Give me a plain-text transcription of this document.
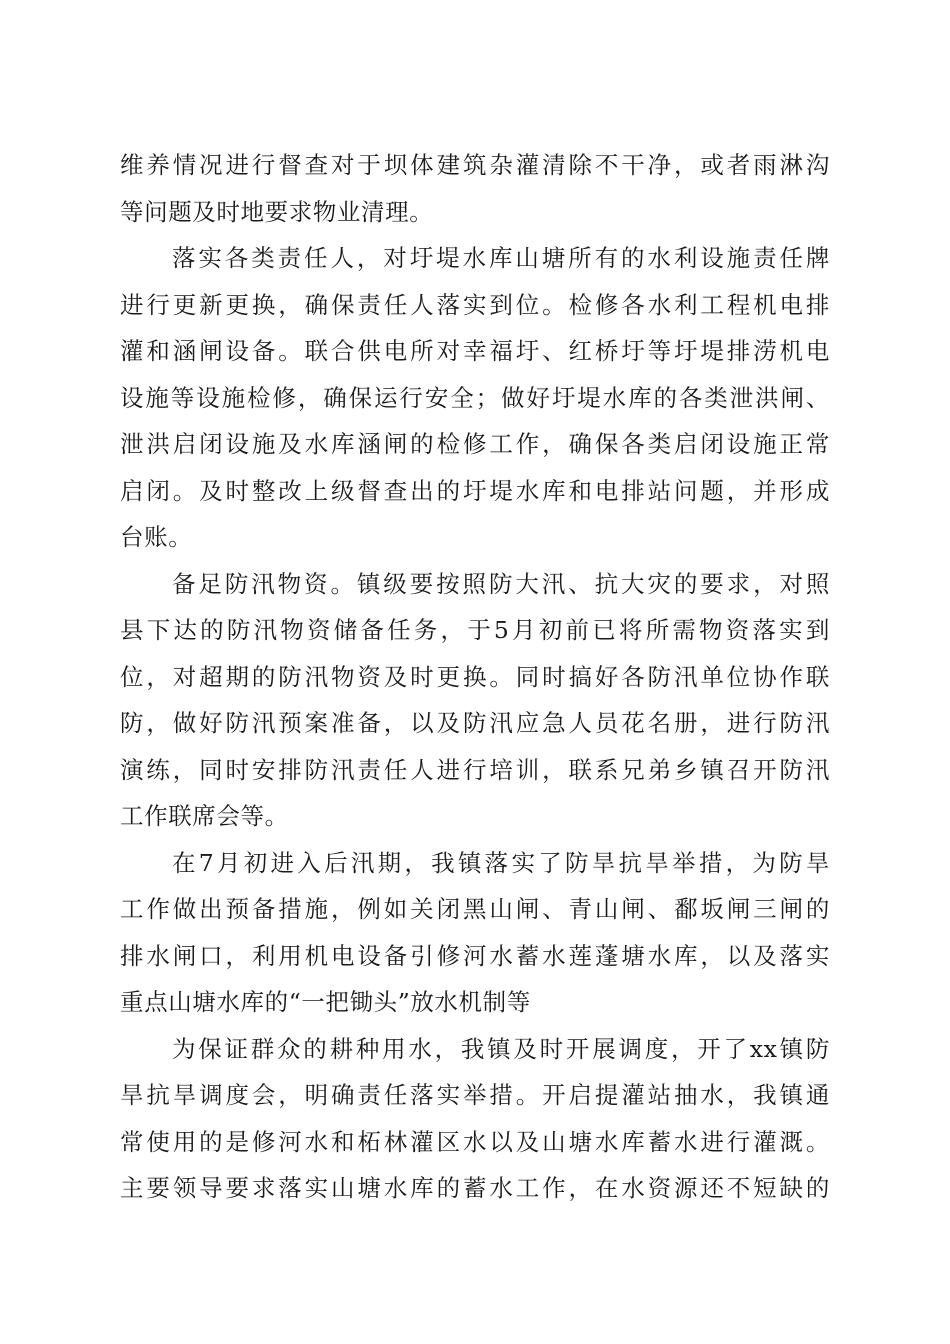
维养情况进行督查对于坝体建筑杂灌清除不干净，或者雨淋沟
等问题及时地要求物业清理。
落实各类责任人，对圩堤水库山塘所有的水利设施责任牌
进行更新更换，确保责任人落实到位。检修各水利工程机电排
灌和涵闸设备。联合供电所对幸福圩、红桥圩等圩堤排涝机电
设施等设施检修，确保运行安全；做好圩堤水库的各类泄洪闸、
泄洪启闭设施及水库涵闸的检修工作，确保各类启闭设施正常
启闭。及时整改上级督查出的圩堤水库和电排站问题，并形成
台账。
备足防汛物资。镇级要按照防大汛、抗大灾的要求，对照
县下达的防汛物资储备任务，于5月初前已将所需物资落实到
位，对超期的防汛物资及时更换。同时搞好各防汛单位协作联
防，做好防汛预案准备，以及防汛应急人员花名册，进行防汛
演练，同时安排防汛责任人进行培训，联系兄弟乡镇召开防汛
工作联席会等。
在7月初进入后汛期，我镇落实了防旱抗旱举措，为防旱
工作做出预备措施，例如关闭黑山闸、青山闸、鄱坂闸三闸的
排水闸口，利用机电设备引修河水蓄水莲蓬塘水库，以及落实
重点山塘水库的“一把锄头”放水机制等
为保证群众的耕种用水，我镇及时开展调度，开了xx镇防
旱抗旱调度会，明确责任落实举措。开启提灌站抽水，我镇通
常使用的是修河水和柘林灌区水以及山塘水库蓄水进行灌溉。
主要领导要求落实山塘水库的蓄水工作，在水资源还不短缺的
